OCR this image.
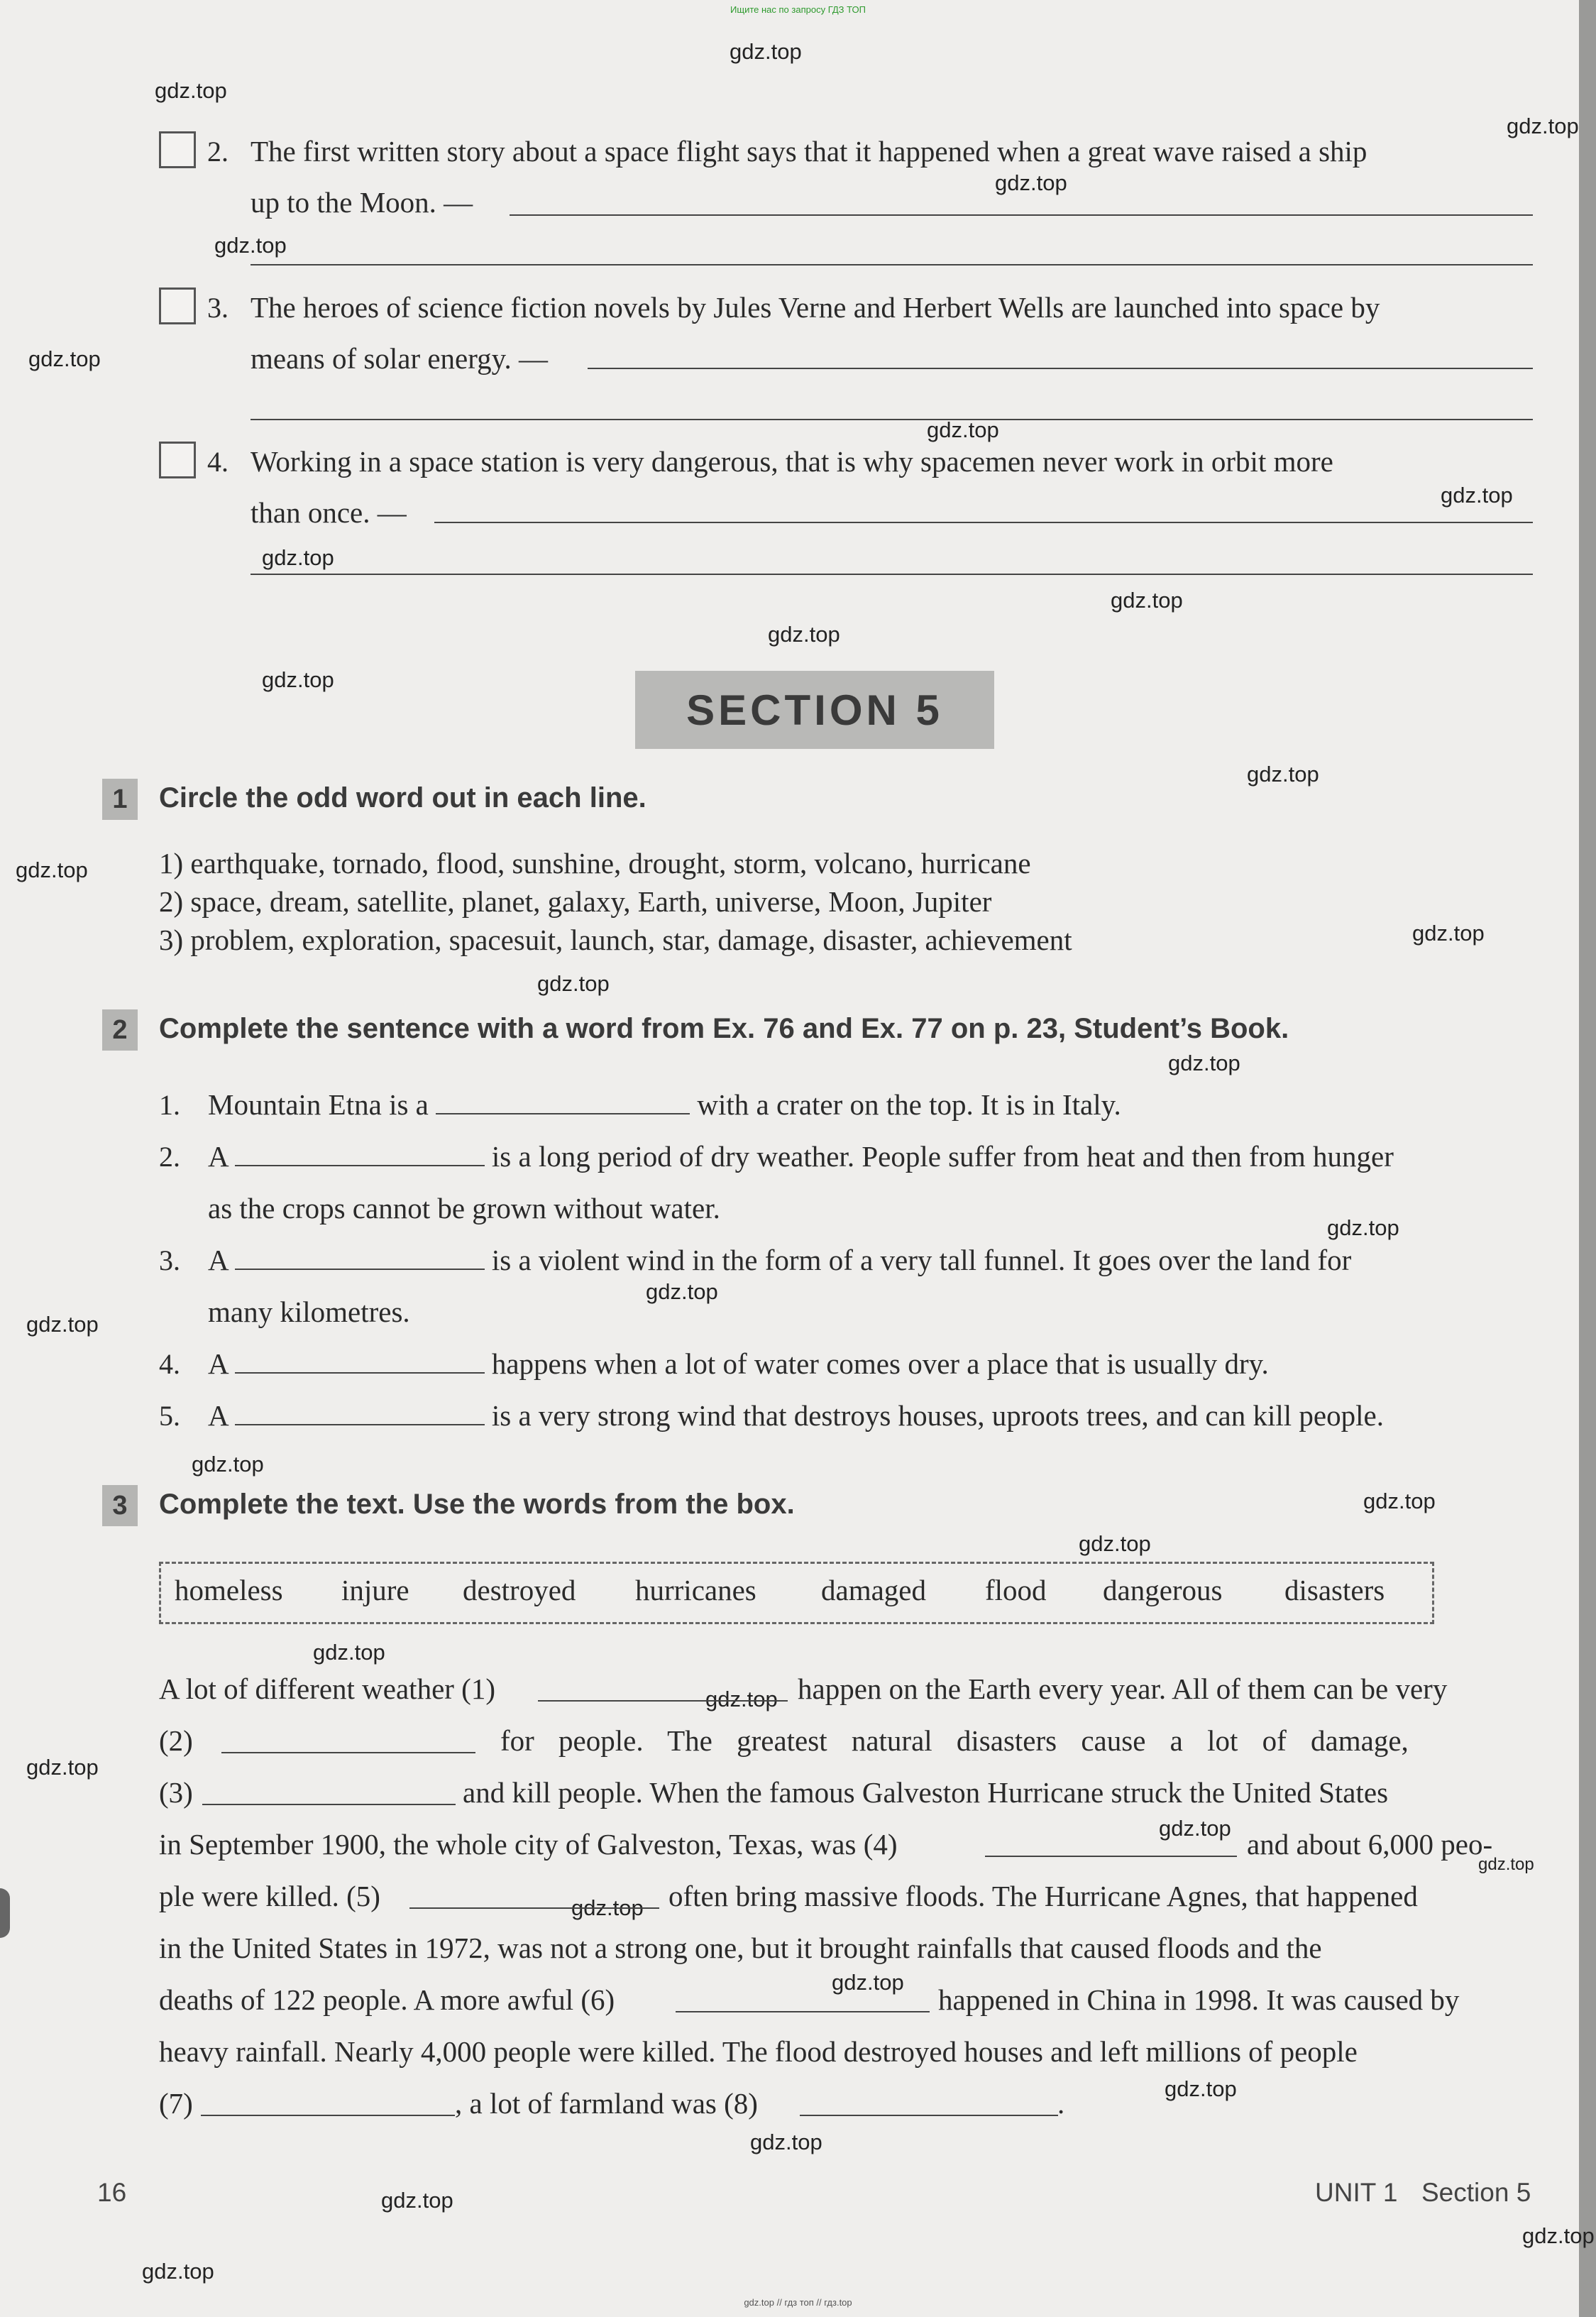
Ищите нас по запросу ГДЗ ТОП
gdz.top // гдз топ // гдз.top
gdz.top
gdz.top
gdz.top
gdz.top
gdz.top
gdz.top
gdz.top
gdz.top
gdz.top
gdz.top
gdz.top
gdz.top
gdz.top
gdz.top
gdz.top
gdz.top
gdz.top
gdz.top
gdz.top
gdz.top
gdz.top
gdz.top
gdz.top
gdz.top
gdz.top
gdz.top
gdz.top
gdz.top
gdz.top
gdz.top
gdz.top
gdz.top
gdz.top
gdz.top
gdz.top
2. The first written story about a space flight says that it happened when a great wave raised a ship
up to the Moon. —
3. The heroes of science fiction novels by Jules Verne and Herbert Wells are launched into space by
means of solar energy. —
4. Working in a space station is very dangerous, that is why spacemen never work in orbit more
than once. —
SECTION 5
1	Circle the odd word out in each line.
1) earthquake, tornado, flood, sunshine, drought, storm, volcano, hurricane
2) space, dream, satellite, planet, galaxy, Earth, universe, Moon, Jupiter
3) problem, exploration, spacesuit, launch, star, damage, disaster, achievement
2	Complete the sentence with a word from Ex. 76 and Ex. 77 on p. 23, Student’s Book.
1. Mountain Etna is a	with a crater on the top. It is in Italy.
2. A	is a long period of dry weather. People suffer from heat and then from hunger
as the crops cannot be grown without water.
3. A	is a violent wind in the form of a very tall funnel. It goes over the land for
many kilometres.
4. A	happens when a lot of water comes over a place that is usually dry.
5. A	is a very strong wind that destroys houses, uproots trees, and can kill people.
3	Complete the text. Use the words from the box.
homeless injure destroyed hurricanes damaged flood dangerous disasters
A lot of different weather (1)	happen on the Earth every year. All of them can be very
(2)	for people. The greatest natural disasters cause a lot of damage,
(3)	and kill people. When the famous Galveston Hurricane struck the United States
in September 1900, the whole city of Galveston, Texas, was (4)	and about 6,000 peo-
ple were killed. (5)	often bring massive floods. The Hurricane Agnes, that happened
in the United States in 1972, was not a strong one, but it brought rainfalls that caused floods and the
deaths of 122 people. A more awful (6)	happened in China in 1998. It was caused by
heavy rainfall. Nearly 4,000 people were killed. The flood destroyed houses and left millions of people
(7)	, a lot of farmland was (8)	.
16	UNIT 1 Section 5
